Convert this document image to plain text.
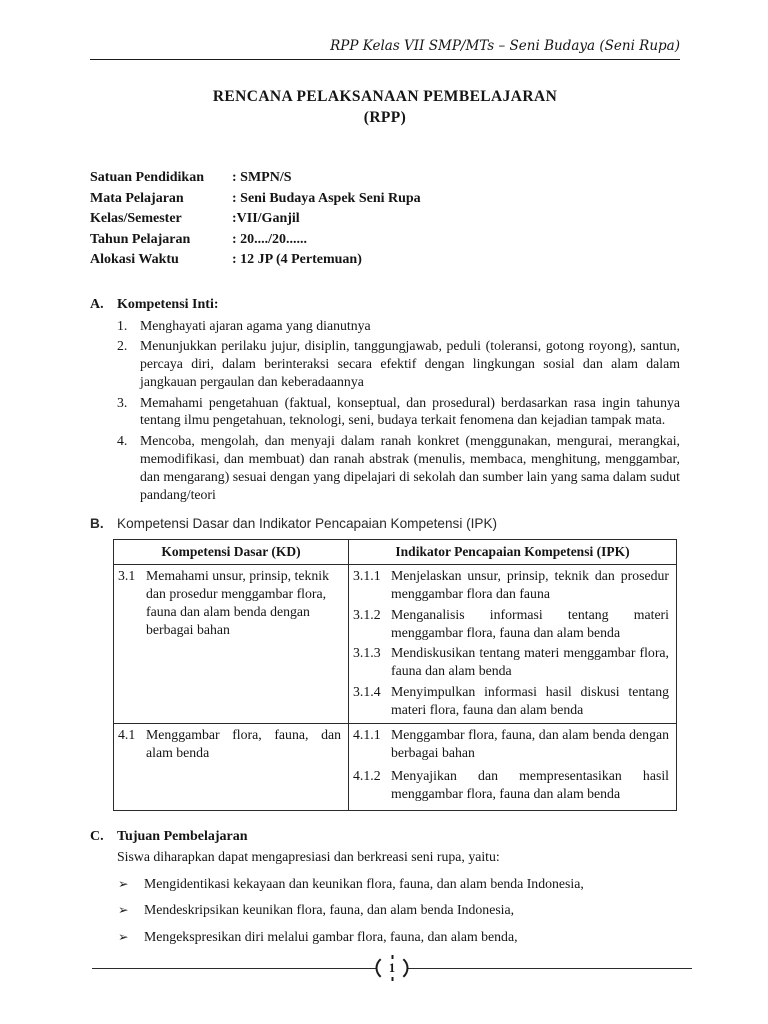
RPP Kelas VII SMP/MTs – Seni Budaya (Seni Rupa)
RENCANA PELAKSANAAN PEMBELAJARAN
(RPP)
Satuan Pendidikan	: SMPN/S
Mata Pelajaran	: Seni Budaya Aspek Seni Rupa
Kelas/Semester	:VII/Ganjil
Tahun Pelajaran	: 20..../20......
Alokasi Waktu	: 12 JP (4 Pertemuan)
A. Kompetensi Inti:
1. Menghayati ajaran agama yang dianutnya
2. Menunjukkan perilaku jujur, disiplin, tanggungjawab, peduli (toleransi, gotong royong), santun, percaya diri, dalam berinteraksi secara efektif dengan lingkungan sosial dan alam dalam jangkauan pergaulan dan keberadaannya
3. Memahami pengetahuan (faktual, konseptual, dan prosedural) berdasarkan rasa ingin tahunya tentang ilmu pengetahuan, teknologi, seni, budaya terkait fenomena dan kejadian tampak mata.
4. Mencoba, mengolah, dan menyaji dalam ranah konkret (menggunakan, mengurai, merangkai, memodifikasi, dan membuat) dan ranah abstrak (menulis, membaca, menghitung, menggambar, dan mengarang) sesuai dengan yang dipelajari di sekolah dan sumber lain yang sama dalam sudut pandang/teori
B. Kompetensi Dasar dan Indikator Pencapaian Kompetensi (IPK)
Kompetensi Dasar (KD)	Indikator Pencapaian Kompetensi (IPK)

3.1 Memahami unsur, prinsip, teknik dan prosedur menggambar flora, fauna dan alam benda dengan berbagai bahan

3.1.1 Menjelaskan unsur, prinsip, teknik dan prosedur menggambar flora dan fauna
3.1.2 Menganalisis informasi tentang materi menggambar flora, fauna dan alam benda
3.1.3 Mendiskusikan tentang materi menggambar flora, fauna dan alam benda
3.1.4 Menyimpulkan informasi hasil diskusi tentang materi flora, fauna dan alam benda

4.1 Menggambar flora, fauna, dan alam benda

4.1.1 Menggambar flora, fauna, dan alam benda dengan berbagai bahan
4.1.2 Menyajikan dan mempresentasikan hasil menggambar flora, fauna dan alam benda
C. Tujuan Pembelajaran
Siswa diharapkan dapat mengapresiasi dan berkreasi seni rupa, yaitu:
➢	Mengidentikasi kekayaan dan keunikan flora, fauna, dan alam benda Indonesia,
➢	Mendeskripsikan keunikan flora, fauna, dan alam benda Indonesia,
➢	Mengekspresikan diri melalui gambar flora, fauna, dan alam benda,
1
